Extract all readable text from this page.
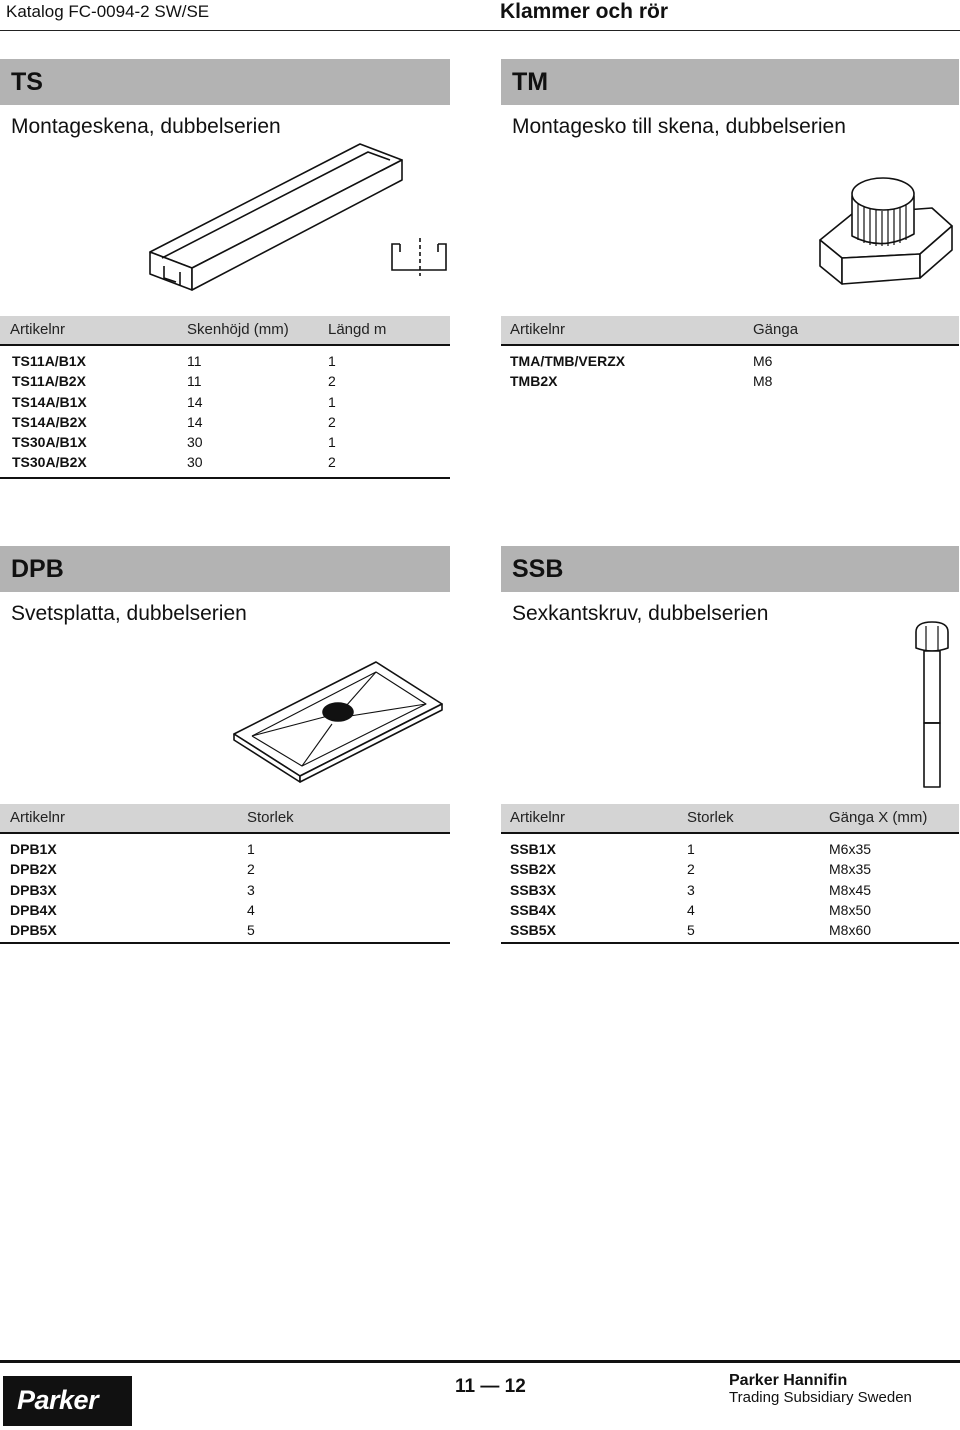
Katalog FC-0094-2 SW/SE	Klammer och rör
TS
Montageskena, dubbelserien
Artikelnr	Skenhöjd (mm)	Längd m
TS11A/B1X	11	1
TS11A/B2X	11	2
TS14A/B1X	14	1
TS14A/B2X	14	2
TS30A/B1X	30	1
TS30A/B2X	30	2
TM
Montagesko till skena, dubbelserien
Artikelnr	Gänga
TMA/TMB/VERZX	M6
TMB2X	M8
DPB
Svetsplatta, dubbelserien
Artikelnr	Storlek
DPB1X	1
DPB2X	2
DPB3X	3
DPB4X	4
DPB5X	5
SSB
Sexkantskruv, dubbelserien
Artikelnr	Storlek	Gänga X (mm)
SSB1X	1	M6x35
SSB2X	2	M8x35
SSB3X	3	M8x45
SSB4X	4	M8x50
SSB5X	5	M8x60
Parker	11 — 12	Parker Hannifin
Trading Subsidiary Sweden
